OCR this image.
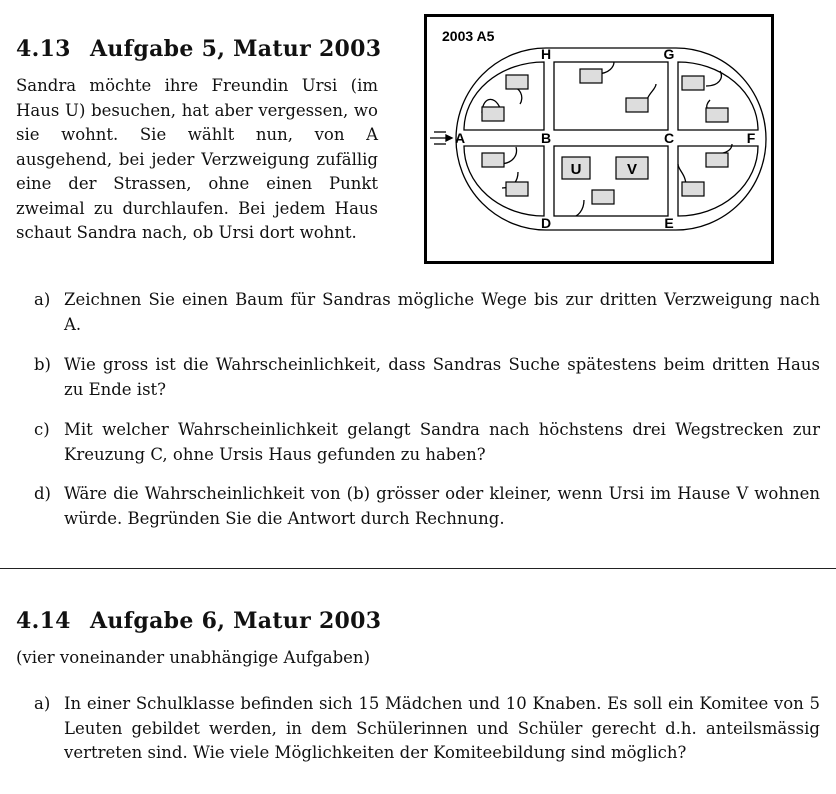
4.13 Aufgabe 5, Matur 2003
Sandra möchte ihre Freundin Ursi (im Haus U) besuchen, hat aber vergessen, wo sie wohnt. Sie wählt nun, von A ausgehend, bei jeder Verzweigung zufällig eine der Strassen, ohne einen Punkt zweimal zu durchlaufen. Bei jedem Haus schaut Sandra nach, ob Ursi dort wohnt.
2003 A5
U	V
A	B	C	F
H	G
D	E
a) Zeichnen Sie einen Baum für Sandras mögliche Wege bis zur dritten Verzweigung nach A.
b) Wie gross ist die Wahrscheinlichkeit, dass Sandras Suche spätestens beim dritten Haus zu Ende ist?
c) Mit welcher Wahrscheinlichkeit gelangt Sandra nach höchstens drei Wegstrecken zur Kreuzung C, ohne Ursis Haus gefunden zu haben?
d) Wäre die Wahrscheinlichkeit von (b) grösser oder kleiner, wenn Ursi im Hause V wohnen würde. Begründen Sie die Antwort durch Rechnung.
4.14 Aufgabe 6, Matur 2003
(vier voneinander unabhängige Aufgaben)
a) In einer Schulklasse befinden sich 15 Mädchen und 10 Knaben. Es soll ein Komitee von 5 Leuten gebildet werden, in dem Schülerinnen und Schüler gerecht d.h. anteilsmässig vertreten sind. Wie viele Möglichkeiten der Komiteebildung sind möglich?
